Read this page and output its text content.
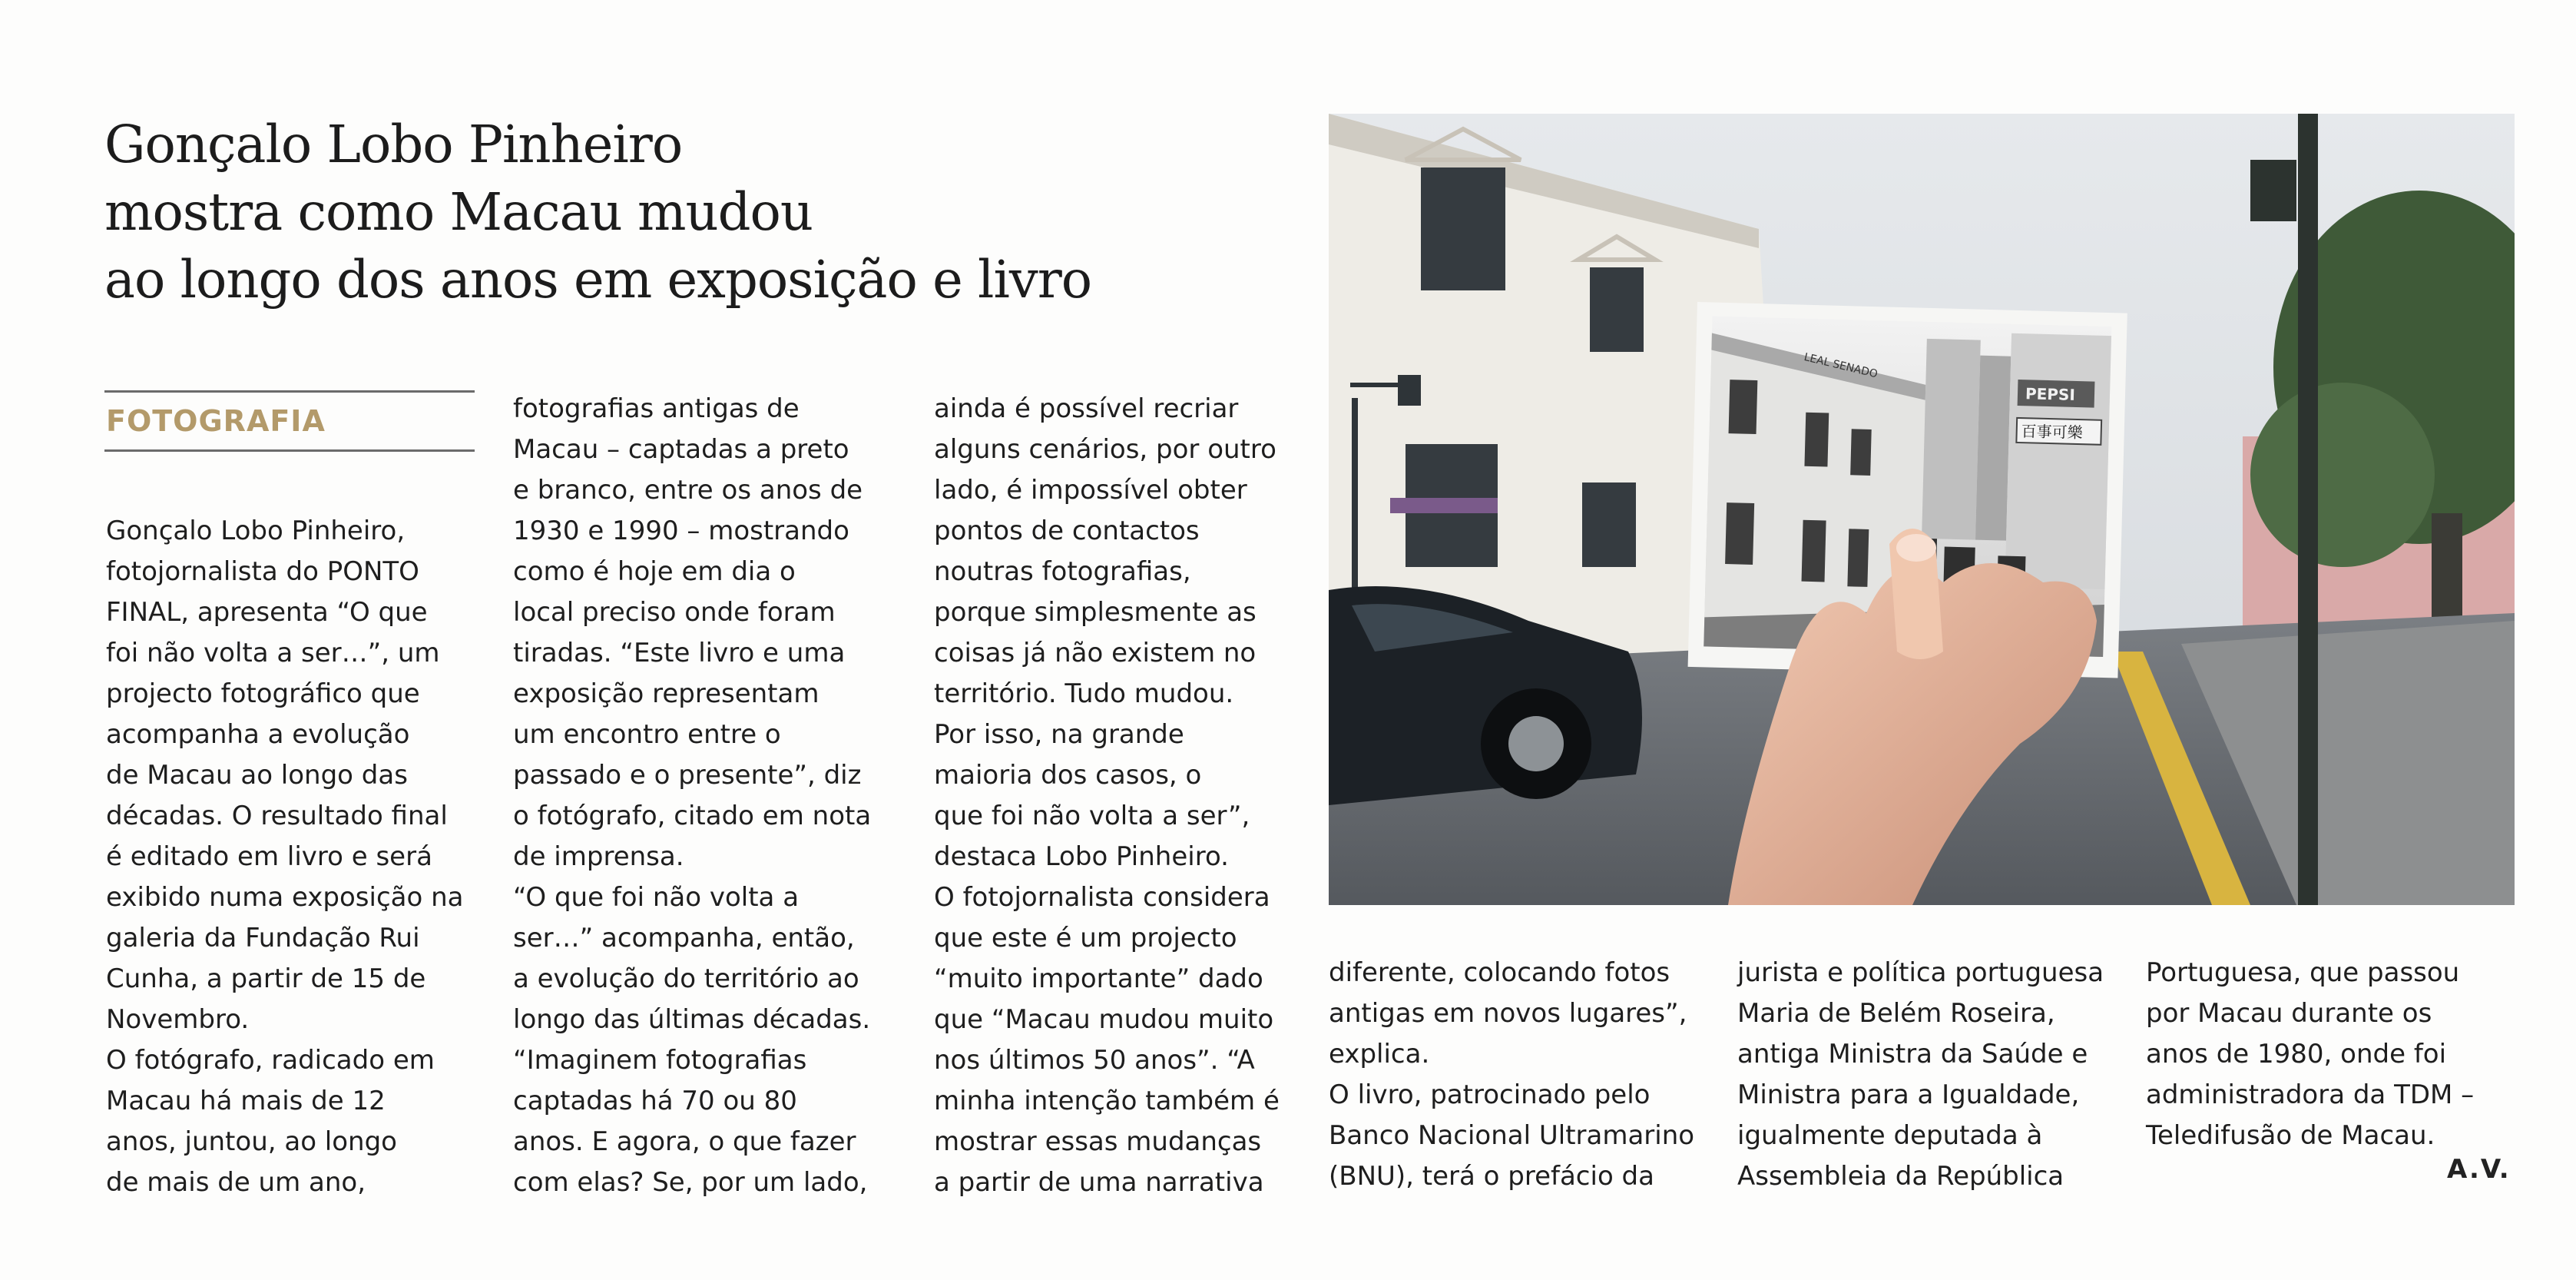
Gonçalo Lobo Pinheiro
mostra como Macau mudou
ao longo dos anos em exposição e livro
FOTOGRAFIA
Gonçalo Lobo Pinheiro,
fotojornalista do PONTO
FINAL, apresenta “O que
foi não volta a ser…”, um
projecto fotográfico que
acompanha a evolução
de Macau ao longo das
décadas. O resultado final
é editado em livro e será
exibido numa exposição na
galeria da Fundação Rui
Cunha, a partir de 15 de
Novembro.
O fotógrafo, radicado em
Macau há mais de 12
anos, juntou, ao longo
de mais de um ano,
fotografias antigas de
Macau – captadas a preto
e branco, entre os anos de
1930 e 1990 – mostrando
como é hoje em dia o
local preciso onde foram
tiradas. “Este livro e uma
exposição representam
um encontro entre o
passado e o presente”, diz
o fotógrafo, citado em nota
de imprensa.
“O que foi não volta a
ser…” acompanha, então,
a evolução do território ao
longo das últimas décadas.
“Imaginem fotografias
captadas há 70 ou 80
anos. E agora, o que fazer
com elas? Se, por um lado,
ainda é possível recriar
alguns cenários, por outro
lado, é impossível obter
pontos de contactos
noutras fotografias,
porque simplesmente as
coisas já não existem no
território. Tudo mudou.
Por isso, na grande
maioria dos casos, o
que foi não volta a ser”,
destaca Lobo Pinheiro.
O fotojornalista considera
que este é um projecto
“muito importante” dado
que “Macau mudou muito
nos últimos 50 anos”. “A
minha intenção também é
mostrar essas mudanças
a partir de uma narrativa
diferente, colocando fotos
antigas em novos lugares”,
explica.
O livro, patrocinado pelo
Banco Nacional Ultramarino
(BNU), terá o prefácio da
jurista e política portuguesa
Maria de Belém Roseira,
antiga Ministra da Saúde e
Ministra para a Igualdade,
igualmente deputada à
Assembleia da República
Portuguesa, que passou
por Macau durante os
anos de 1980, onde foi
administradora da TDM –
Teledifusão de Macau.
A.V.
LEAL SENADO
PEPSI
百事可樂
